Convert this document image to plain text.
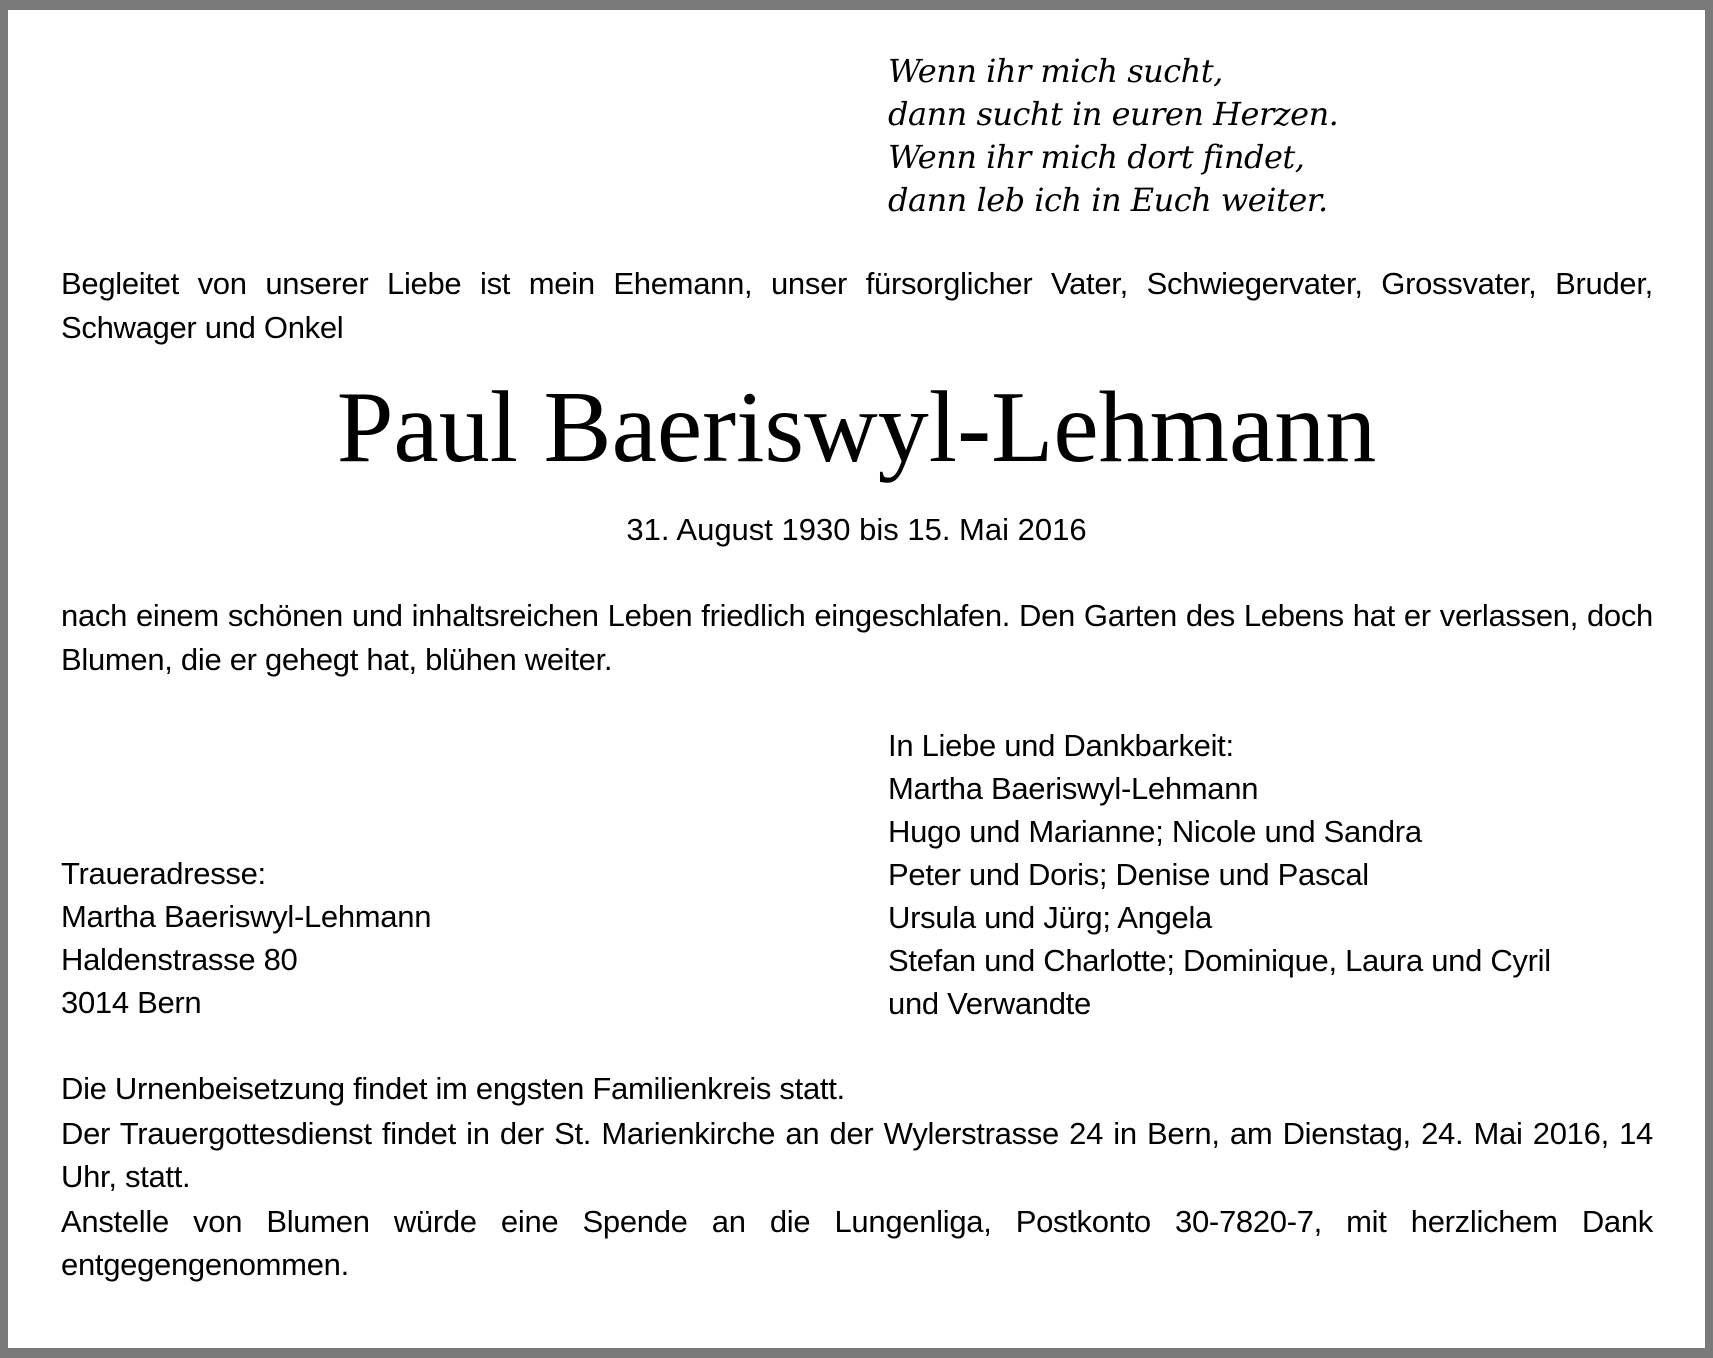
Wenn ihr mich sucht,
dann sucht in euren Herzen.
Wenn ihr mich dort findet,
dann leb ich in Euch weiter.
Begleitet von unserer Liebe ist mein Ehemann, unser fürsorglicher Vater, Schwiegervater, Grossvater, Bruder, Schwager und Onkel
Paul Baeriswyl-Lehmann
31. August 1930 bis 15. Mai 2016
nach einem schönen und inhaltsreichen Leben friedlich eingeschlafen. Den Garten des Lebens hat er verlassen, doch Blumen, die er gehegt hat, blühen weiter.
In Liebe und Dankbarkeit:
Martha Baeriswyl-Lehmann
Hugo und Marianne; Nicole und Sandra
Peter und Doris; Denise und Pascal
Ursula und Jürg; Angela
Stefan und Charlotte; Dominique, Laura und Cyril
und Verwandte
Traueradresse:
Martha Baeriswyl-Lehmann
Haldenstrasse 80
3014 Bern

Die Urnenbeisetzung findet im engsten Familienkreis statt.

Der Trauergottesdienst findet in der St. Marienkirche an der Wylerstrasse 24 in Bern, am Dienstag, 24. Mai 2016, 14 Uhr, statt.

Anstelle von Blumen würde eine Spende an die Lungenliga, Postkonto 30-7820-7, mit herzlichem Dank entgegengenommen.
